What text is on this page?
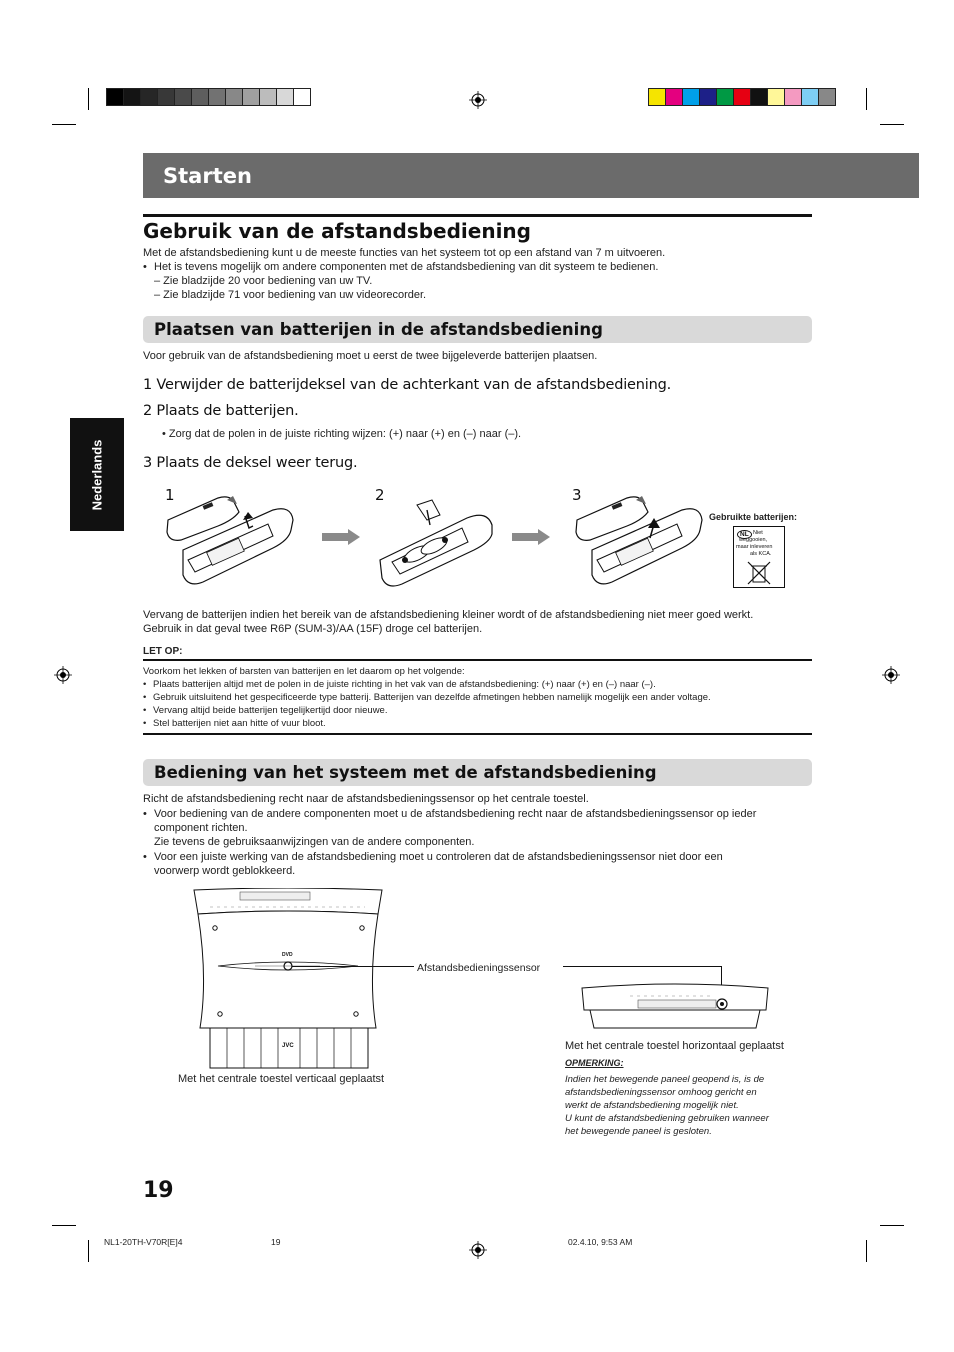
Starten
Gebruik van de afstandsbediening
Met de afstandsbediening kunt u de meeste functies van het systeem tot op een afstand van 7 m uitvoeren.
• Het is tevens mogelijk om andere componenten met de afstandsbediening van dit systeem te bedienen.
– Zie bladzijde 20 voor bediening van uw TV.
– Zie bladzijde 71 voor bediening van uw videorecorder.
Plaatsen van batterijen in de afstandsbediening
Voor gebruik van de afstandsbediening moet u eerst de twee bijgeleverde batterijen plaatsen.
1 Verwijder de batterijdeksel van de achterkant van de afstandsbediening.
2 Plaats de batterijen.
• Zorg dat de polen in de juiste richting wijzen: (+) naar (+) en (–) naar (–).
3 Plaats de deksel weer terug.
Nederlands	1	2	3
Gebruikte batterijen:
NL Niet
weggooien,
maar inleveren
als KCA.
Vervang de batterijen indien het bereik van de afstandsbediening kleiner wordt of de afstandsbediening niet meer goed werkt.
Gebruik in dat geval twee R6P (SUM-3)/AA (15F) droge cel batterijen.
LET OP:
Voorkom het lekken of barsten van batterijen en let daarom op het volgende:
• Plaats batterijen altijd met de polen in de juiste richting in het vak van de afstandsbediening: (+) naar (+) en (–) naar (–).
• Gebruik uitsluitend het gespecificeerde type batterij. Batterijen van dezelfde afmetingen hebben namelijk mogelijk een ander voltage.
• Vervang altijd beide batterijen tegelijkertijd door nieuwe.
• Stel batterijen niet aan hitte of vuur bloot.
Bediening van het systeem met de afstandsbediening
Richt de afstandsbediening recht naar de afstandsbedieningssensor op het centrale toestel.
• Voor bediening van de andere componenten moet u de afstandsbediening recht naar de afstandsbedieningssensor op ieder
component richten.
Zie tevens de gebruiksaanwijzingen van de andere componenten.
• Voor een juiste werking van de afstandsbediening moet u controleren dat de afstandsbedieningssensor niet door een
voorwerp wordt geblokkeerd.
DVD
JVC
Afstandsbedieningssensor
Met het centrale toestel horizontaal geplaatst
OPMERKING:
Indien het bewegende paneel geopend is, is de
afstandsbedieningssensor omhoog gericht en
werkt de afstandsbediening mogelijk niet.
U kunt de afstandsbediening gebruiken wanneer
het bewegende paneel is gesloten.
Met het centrale toestel verticaal geplaatst
19
NL1-20TH-V70R[E]4	19	02.4.10, 9:53 AM
